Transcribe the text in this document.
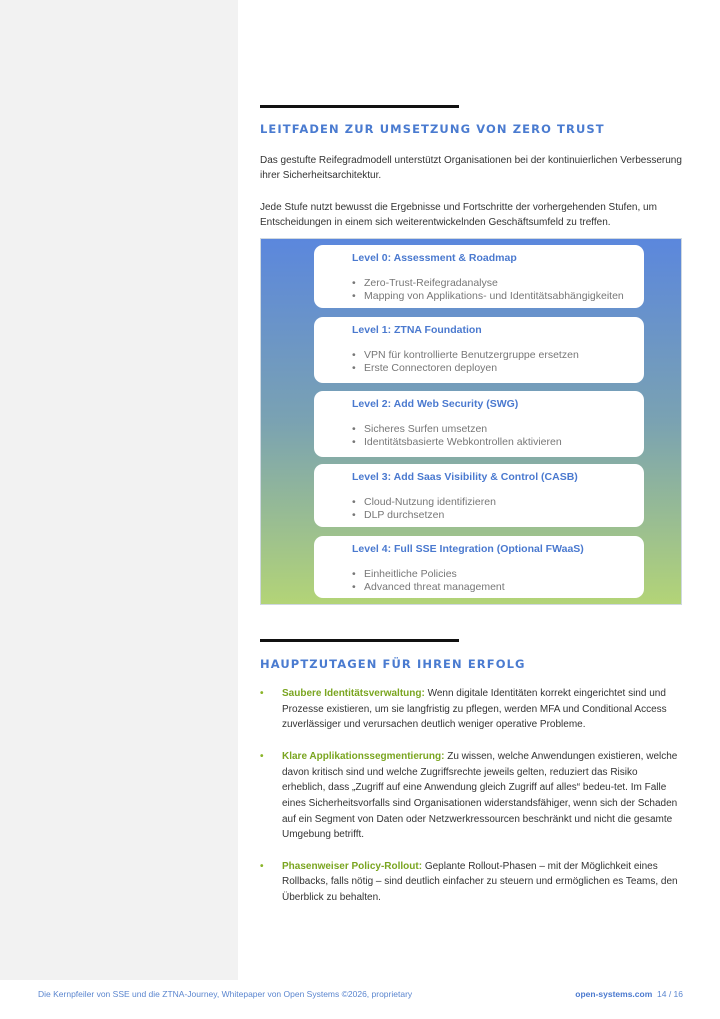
LEITFADEN ZUR UMSETZUNG VON ZERO TRUST

Das gestufte Reifegradmodell unterstützt Organisationen bei der kontinuierlichen Verbesserung ihrer Sicherheitsarchitektur.

Jede Stufe nutzt bewusst die Ergebnisse und Fortschritte der vorhergehenden Stufen, um Entscheidungen in einem sich weiterentwickelnden Geschäftsumfeld zu treffen.

Level 0: Assessment & Roadmap
• Zero-Trust-Reifegradanalyse
• Mapping von Applikations- und Identitätsabhängigkeiten
Level 1: ZTNA Foundation
• VPN für kontrollierte Benutzergruppe ersetzen
• Erste Connectoren deployen
Level 2: Add Web Security (SWG)
• Sicheres Surfen umsetzen
• Identitätsbasierte Webkontrollen aktivieren
Level 3: Add Saas Visibility & Control (CASB)
• Cloud-Nutzung identifizieren
• DLP durchsetzen
Level 4: Full SSE Integration (Optional FWaaS)
• Einheitliche Policies
• Advanced threat management
HAUPTZUTAGEN FÜR IHREN ERFOLG
• Saubere Identitätsverwaltung: Wenn digitale Identitäten korrekt eingerichtet sind und Prozesse existieren, um sie langfristig zu pflegen, werden MFA und Conditional Access zuverlässiger und verursachen deutlich weniger operative Probleme.
• Klare Applikationssegmentierung: Zu wissen, welche Anwendungen existieren, welche davon kritisch sind und welche Zugriffsrechte jeweils gelten, reduziert das Risiko erheblich, dass „Zugriff auf eine Anwendung gleich Zugriff auf alles“ bedeu-tet. Im Falle eines Sicherheitsvorfalls sind Organisationen widerstandsfähiger, wenn sich der Schaden auf ein Segment von Daten oder Netzwerkressourcen beschränkt und nicht die gesamte Umgebung betrifft.
• Phasenweiser Policy-Rollout: Geplante Rollout-Phasen – mit der Möglichkeit eines Rollbacks, falls nötig – sind deutlich einfacher zu steuern und ermöglichen es Teams, den Überblick zu behalten.
Die Kernpfeiler von SSE und die ZTNA-Journey, Whitepaper von Open Systems ©2026, proprietary	open-systems.com 14 / 16
